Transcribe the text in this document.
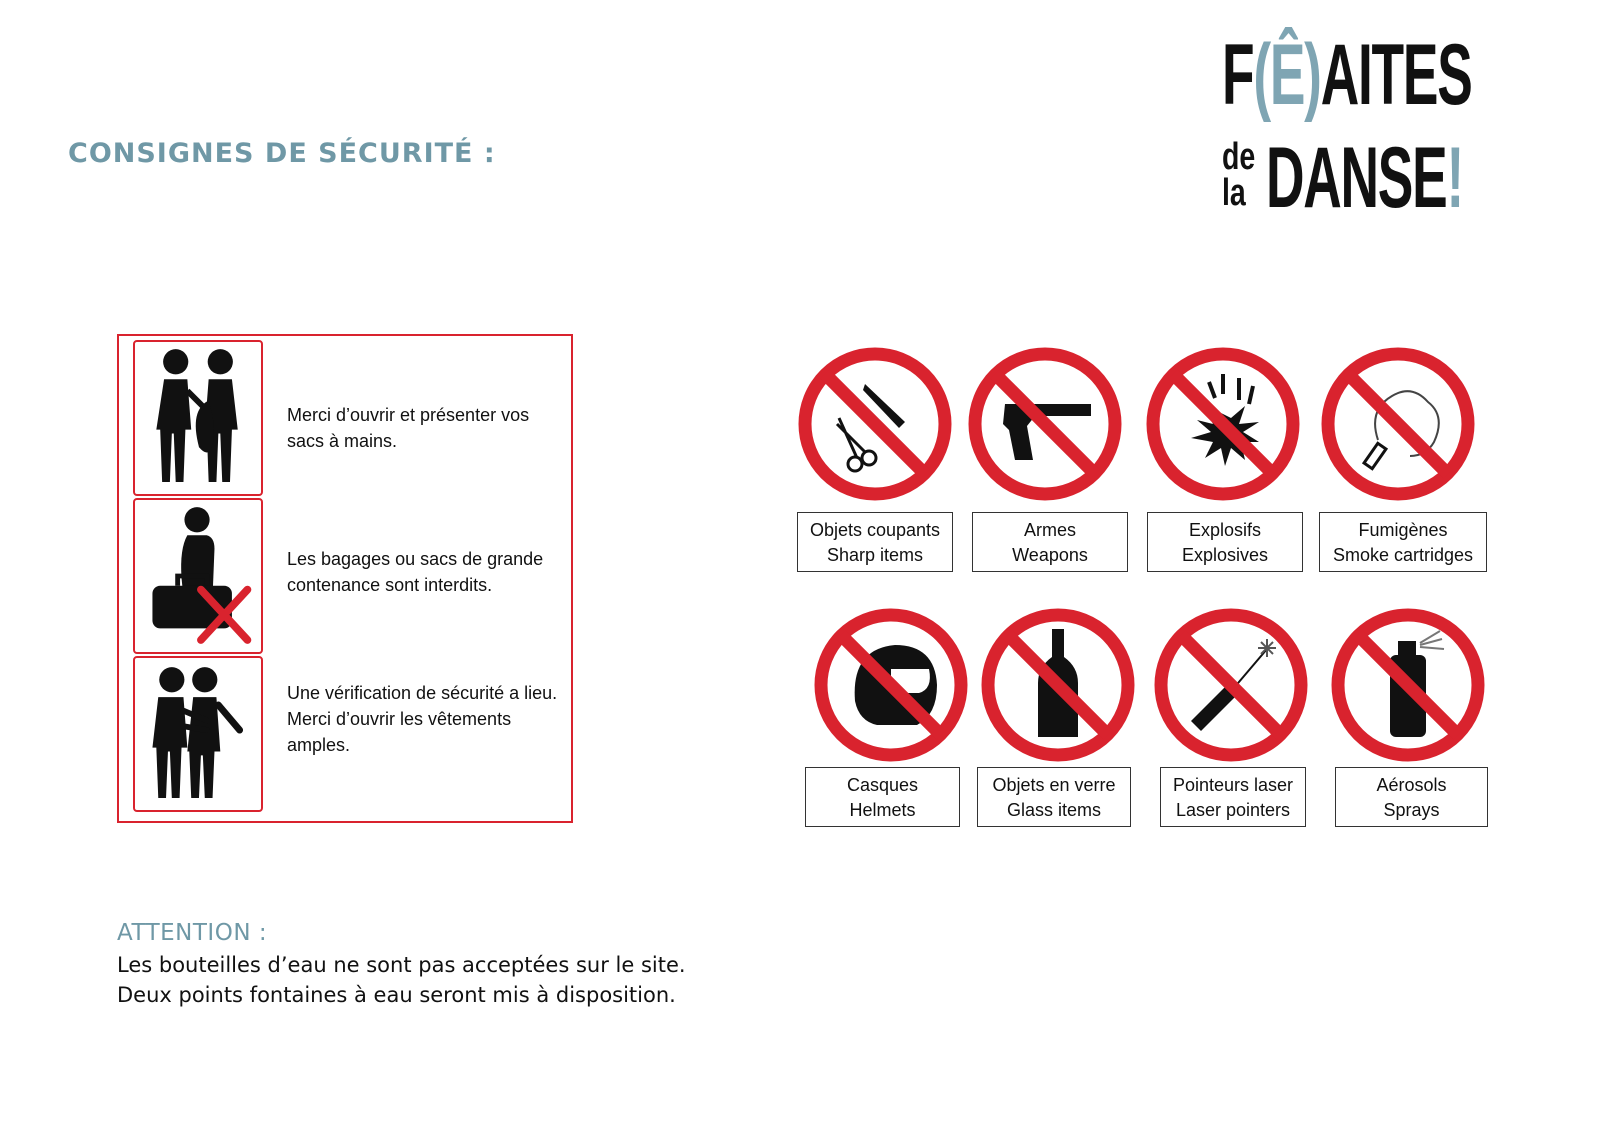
CONSIGNES DE SÉCURITÉ :
F(Ê)AITES
de
la DANSE!
Merci d’ouvrir et présenter vos sacs à mains.
Les bagages ou sacs de grande contenance sont interdits.
Une vérification de sécurité a lieu.
Merci d’ouvrir les vêtements amples.
Objets coupants
Sharp items
Armes
Weapons
Explosifs
Explosives
Fumigènes
Smoke cartridges
Casques
Helmets
Objets en verre
Glass items
Pointeurs laser
Laser pointers
Aérosols
Sprays
ATTENTION :
Les bouteilles d’eau ne sont pas acceptées sur le site.
Deux points fontaines à eau seront mis à disposition.
